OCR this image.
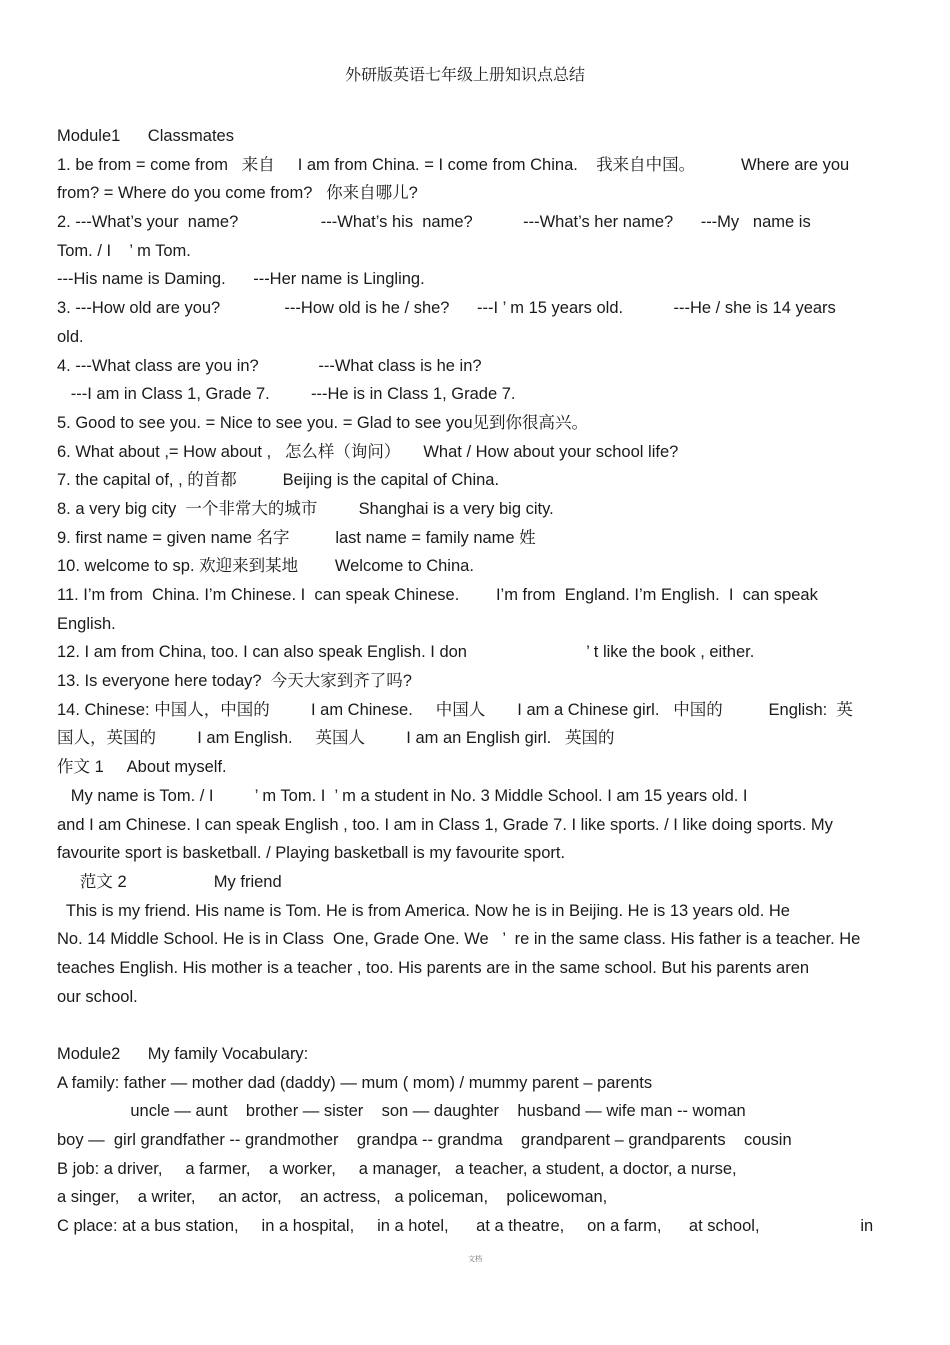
外研版英语七年级上册知识点总结
Module1      Classmates
1. be from = come from   来自     I am from China. = I come from China.    我来自中国。          Where are you
from? = Where do you come from?   你来自哪儿?
2. ---What’s your  name?                  ---What’s his  name?           ---What’s her name?      ---My   name is
Tom. / I    ’ m Tom.
---His name is Daming.      ---Her name is Lingling.
3. ---How old are you?              ---How old is he / she?      ---I ’ m 15 years old.           ---He / she is 14 years
old.
4. ---What class are you in?             ---What class is he in?
---I am in Class 1, Grade 7.         ---He is in Class 1, Grade 7.
5. Good to see you. = Nice to see you. = Glad to see you见到你很高兴。
6. What about ,= How about ,   怎么样（询问）     What / How about your school life?
7. the capital of, , 的首都          Beijing is the capital of China.
8. a very big city  一个非常大的城市         Shanghai is a very big city.
9. first name = given name 名字          last name = family name 姓
10. welcome to sp. 欢迎来到某地        Welcome to China.
11. I’m from  China. I’m Chinese. I  can speak Chinese.        I’m from  England. I’m English.  I  can speak
English.
12. I am from China, too. I can also speak English. I don                          ’ t like the book , either.
13. Is everyone here today?  今天大家到齐了吗?
14. Chinese: 中国人，中国的         I am Chinese.     中国人       I am a Chinese girl.   中国的          English:  英
国人，英国的         I am English.     英国人         I am an English girl.   英国的
作文 1     About myself.
My name is Tom. / I         ’ m Tom. I  ’ m a student in No. 3 Middle School. I am 15 years old. I
and I am Chinese. I can speak English , too. I am in Class 1, Grade 7. I like sports. / I like doing sports. My
favourite sport is basketball. / Playing basketball is my favourite sport.
范文 2                   My friend
This is my friend. His name is Tom. He is from America. Now he is in Beijing. He is 13 years old. He
No. 14 Middle School. He is in Class  One, Grade One. We   ’  re in the same class. His father is a teacher. He
teaches English. His mother is a teacher , too. His parents are in the same school. But his parents aren
our school.
Module2      My family Vocabulary:
A family: father — mother dad (daddy) — mum ( mom) / mummy parent – parents
uncle — aunt    brother — sister    son — daughter    husband — wife man -- woman
boy —  girl grandfather -- grandmother    grandpa -- grandma    grandparent – grandparents    cousin
B job: a driver,     a farmer,    a worker,     a manager,   a teacher, a student, a doctor, a nurse,
a singer,    a writer,     an actor,    an actress,   a policeman,    policewoman,
C place: at a bus station,     in a hospital,     in a hotel,      at a theatre,     on a farm,      at school,                      in
文档
